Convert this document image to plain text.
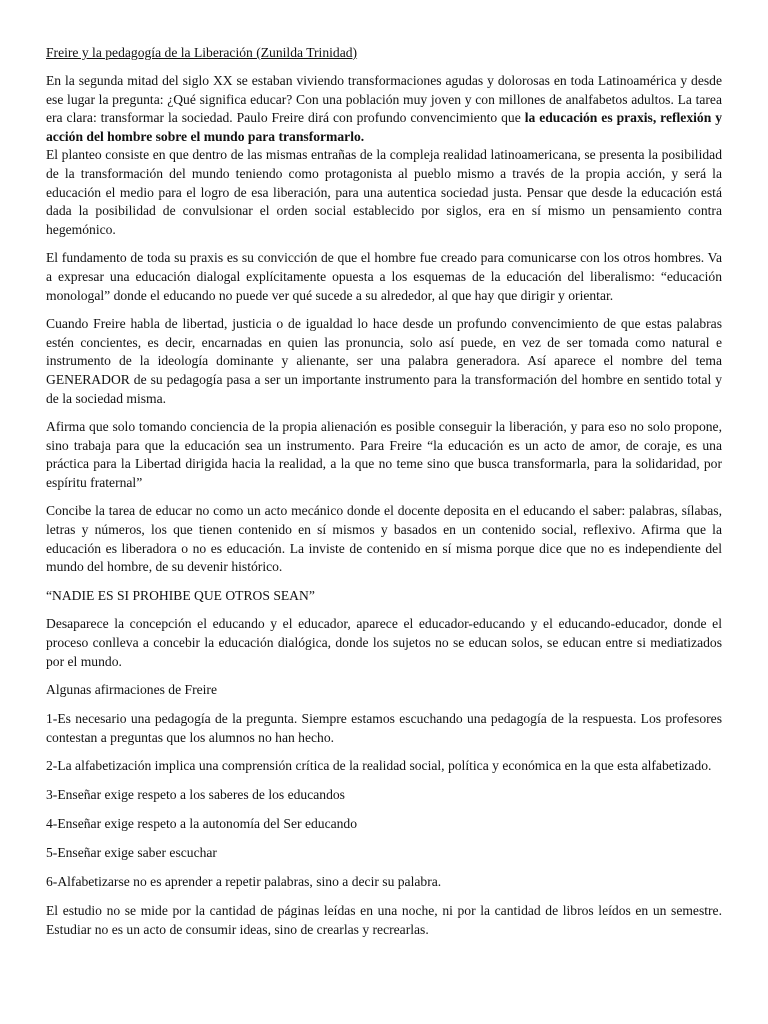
Freire y la pedagogía de la Liberación (Zunilda Trinidad)

En la segunda mitad del siglo XX se estaban viviendo transformaciones agudas y dolorosas en toda Latinoamérica y desde ese lugar la pregunta: ¿Qué significa educar? Con una población muy joven y con millones de analfabetos adultos. La tarea era clara: transformar la sociedad. Paulo Freire dirá con profundo convencimiento que la educación es praxis, reflexión y acción del hombre sobre el mundo para transformarlo.

El planteo consiste en que dentro de las mismas entrañas de la compleja realidad latinoamericana, se presenta la posibilidad de la transformación del mundo teniendo como protagonista al pueblo mismo a través de la propia acción, y será la educación el medio para el logro de esa liberación, para una autentica sociedad justa. Pensar que desde la educación está dada la posibilidad de convulsionar el orden social establecido por siglos, era en sí mismo un pensamiento contra hegemónico.

El fundamento de toda su praxis es su convicción de que el hombre fue creado para comunicarse con los otros hombres. Va a expresar una educación dialogal explícitamente opuesta a los esquemas de la educación del liberalismo: “educación monologal” donde el educando no puede ver qué sucede a su alrededor, al que hay que dirigir y orientar.

Cuando Freire habla de libertad, justicia o de igualdad lo hace desde un profundo convencimiento de que estas palabras estén concientes, es decir, encarnadas en quien las pronuncia, solo así puede, en vez de ser tomada como natural e instrumento de la ideología dominante y alienante, ser una palabra generadora. Así aparece el nombre del tema GENERADOR de su pedagogía pasa a ser un importante instrumento para la transformación del hombre en sentido total y de la sociedad misma.

Afirma que solo tomando conciencia de la propia alienación es posible conseguir la liberación, y para eso no solo propone, sino trabaja para que la educación sea un instrumento. Para Freire “la educación es un acto de amor, de coraje, es una práctica para la Libertad dirigida hacia la realidad, a la que no teme sino que busca transformarla, para la solidaridad, por espíritu fraternal”

Concibe la tarea de educar no como un acto mecánico donde el docente deposita en el educando el saber: palabras, sílabas, letras y números, los que tienen contenido en sí mismos y basados en un contenido social, reflexivo. Afirma que la educación es liberadora o no es educación. La inviste de contenido en sí misma porque dice que no es independiente del mundo del hombre, de su devenir histórico.

“NADIE ES SI PROHIBE QUE OTROS SEAN”

Desaparece la concepción el educando y el educador, aparece el educador-educando y el educando-educador, donde el proceso conlleva a concebir la educación dialógica, donde los sujetos no se educan solos, se educan entre si mediatizados por el mundo.

Algunas afirmaciones de Freire

1-Es necesario una pedagogía de la pregunta. Siempre estamos escuchando una pedagogía de la respuesta. Los profesores contestan a preguntas que los alumnos no han hecho.

2-La alfabetización implica una comprensión crítica de la realidad social, política y económica en la que esta alfabetizado.

3-Enseñar exige respeto a los saberes de los educandos

4-Enseñar exige respeto a la autonomía del Ser educando

5-Enseñar exige saber escuchar

6-Alfabetizarse no es aprender a repetir palabras, sino a decir su palabra.

El estudio no se mide por la cantidad de páginas leídas en una noche, ni por la cantidad de libros leídos en un semestre. Estudiar no es un acto de consumir ideas, sino de crearlas y recrearlas.
